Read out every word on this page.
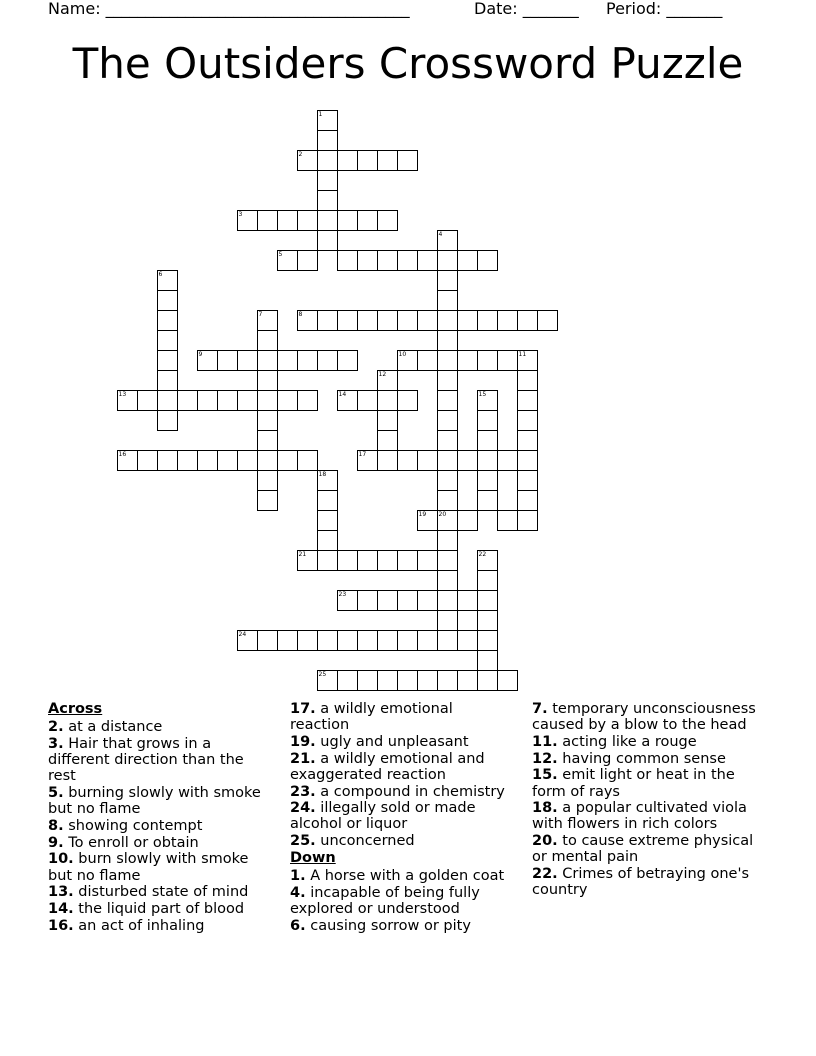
Name: ______________________________________	Date: _______ Period: _______
The Outsiders Crossword Puzzle
1
2
3
4
5
6
7	8
9	10	11
12
13	14	15
16	17
18
19 20
21	22
23
24
25
Across
2. at a distance
3. Hair that grows in a different direction than the rest
5. burning slowly with smoke but no flame
8. showing contempt
9. To enroll or obtain
10. burn slowly with smoke but no flame
13. disturbed state of mind
14. the liquid part of blood
16. an act of inhaling
17. a wildly emotional reaction
19. ugly and unpleasant
21. a wildly emotional and exaggerated reaction
23. a compound in chemistry
24. illegally sold or made alcohol or liquor
25. unconcerned
Down
1. A horse with a golden coat
4. incapable of being fully explored or understood
6. causing sorrow or pity
7. temporary unconsciousness caused by a blow to the head
11. acting like a rouge
12. having common sense
15. emit light or heat in the form of rays
18. a popular cultivated viola with flowers in rich colors
20. to cause extreme physical or mental pain
22. Crimes of betraying one's country
